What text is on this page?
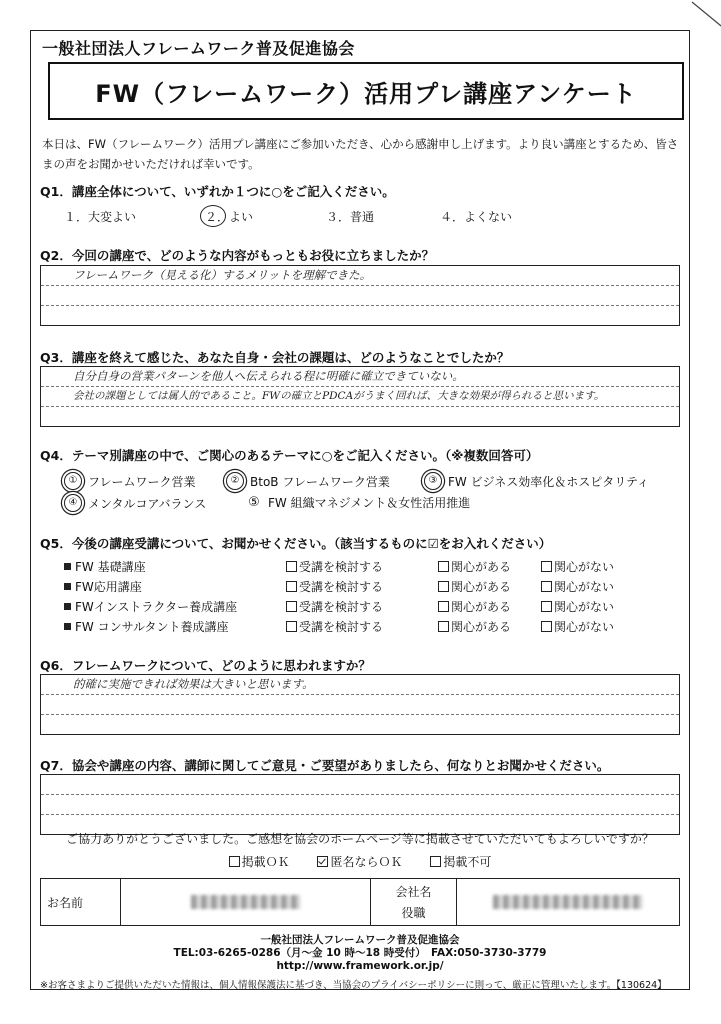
一般社団法人フレームワーク普及促進協会
FW（フレームワーク）活用プレ講座アンケート
本日は、FW（フレームワーク）活用プレ講座にご参加いただき、心から感謝申し上げます。より良い講座とするため、皆さまの声をお聞かせいただければ幸いです。
Q1．講座全体について、いずれか１つに○をご記入ください。
１．大変よい	２．よい	３．普通	４．よくない
Q2．今回の講座で、どのような内容がもっともお役に立ちましたか？
フレームワーク（見える化）するメリットを理解できた。
Q3．講座を終えて感じた、あなた自身・会社の課題は、どのようなことでしたか？
自分自身の営業パターンを他人へ伝えられる程に明確に確立できていない。
会社の課題としては属人的であること。FWの確立とPDCAがうまく回れば、大きな効果が得られると思います。
Q4．テーマ別講座の中で、ご関心のあるテーマに○をご記入ください。（※複数回答可）
① フレームワーク営業	② BtoB フレームワーク営業	③ FW ビジネス効率化＆ホスピタリティ
④ メンタルコアバランス	⑤ FW 組織マネジメント＆女性活用推進
Q5．今後の講座受講について、お聞かせください。（該当するものに☑をお入れください）
FW 基礎講座	受講を検討する	関心がある	関心がない
FW応用講座	受講を検討する	関心がある	関心がない
FWインストラクター養成講座	受講を検討する	関心がある	関心がない
FW コンサルタント養成講座	受講を検討する	関心がある	関心がない
Q6．フレームワークについて、どのように思われますか？
的確に実施できれば効果は大きいと思います。
Q7．協会や講座の内容、講師に関してご意見・ご要望がありましたら、何なりとお聞かせください。
ご協力ありがとうございました。ご感想を協会のホームページ等に掲載させていただいてもよろしいですか？
掲載ＯＫ	匿名ならＯＫ	掲載不可
お名前
会社名
役職
一般社団法人フレームワーク普及促進協会
TEL:03-6265-0286（月～金 10 時～18 時受付）　FAX:050-3730-3779
http://www.framework.or.jp/
※お客さまよりご提供いただいた情報は、個人情報保護法に基づき、当協会のプライバシーポリシーに則って、厳正に管理いたします。【130624】
